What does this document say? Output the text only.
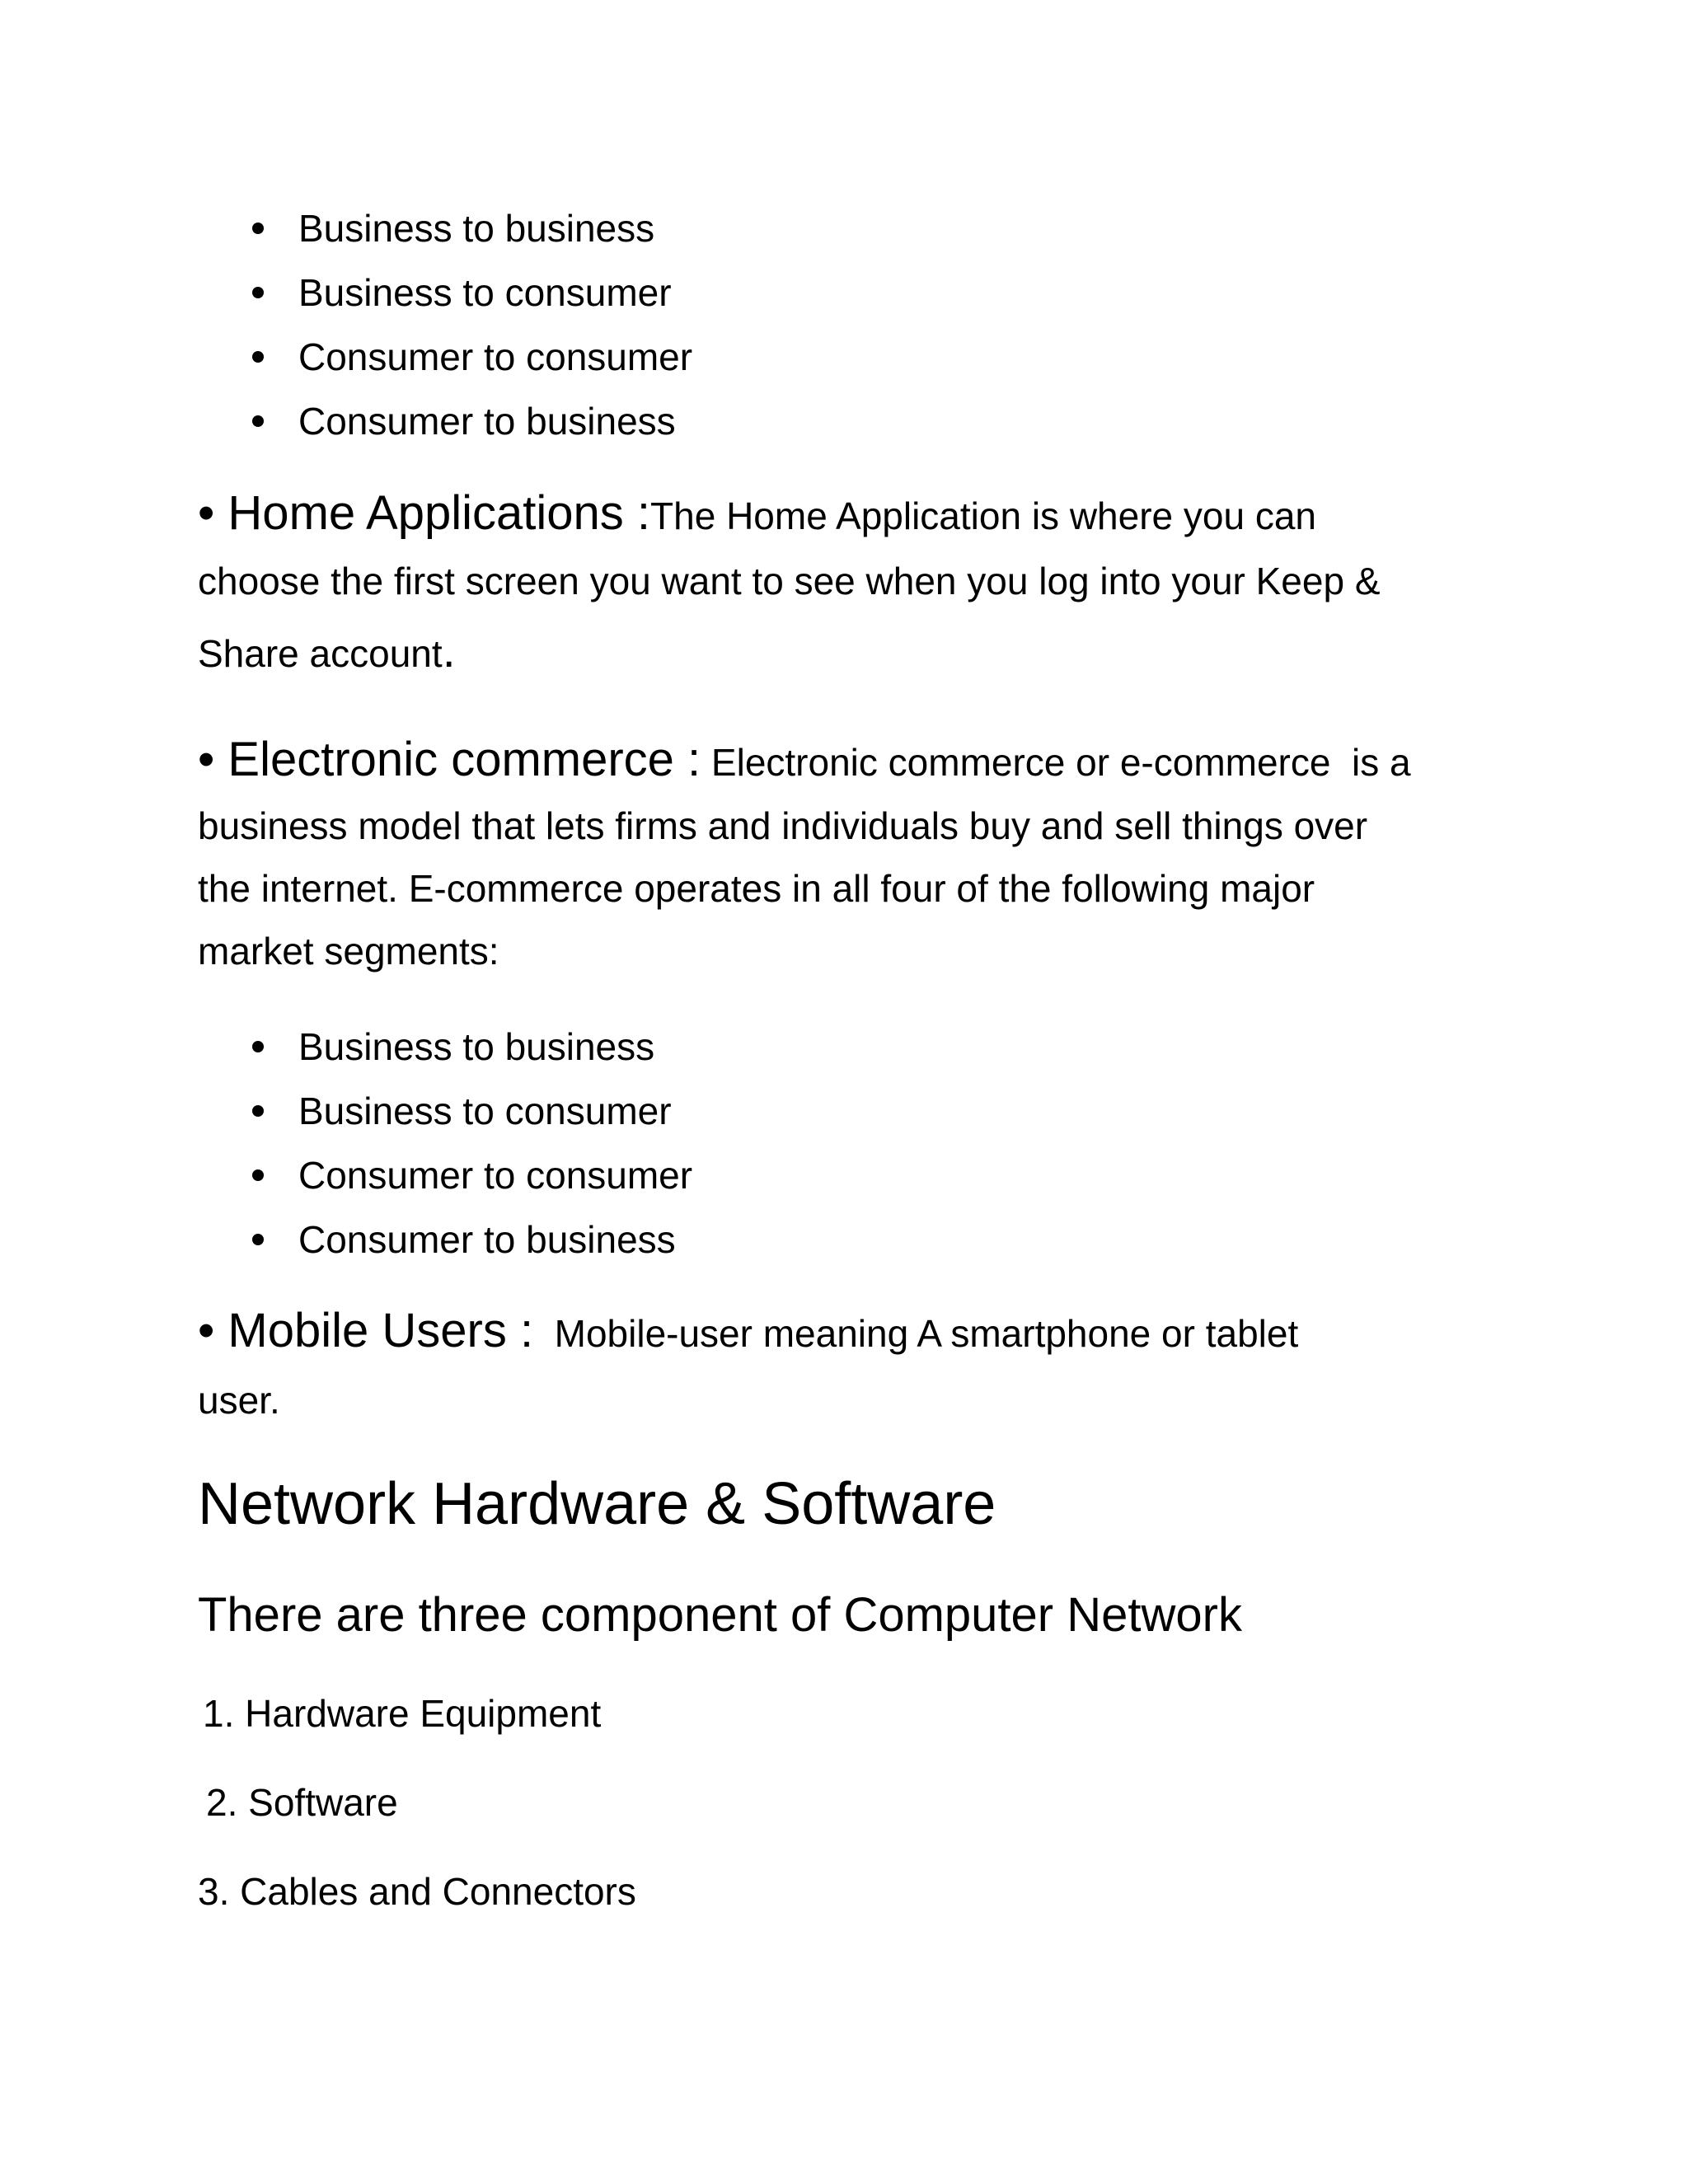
Business to business
Business to consumer
Consumer to consumer
Consumer to business

• Home Applications :The Home Application is where you can
choose the first screen you want to see when you log into your Keep &
Share account.

• Electronic commerce : Electronic commerce or e-commerce  is a
business model that lets firms and individuals buy and sell things over
the internet. E-commerce operates in all four of the following major
market segments:

Business to business
Business to consumer
Consumer to consumer
Consumer to business

• Mobile Users :  Mobile-user meaning A smartphone or tablet
user.

Network Hardware & Software
There are three component of Computer Network

1. Hardware Equipment

2. Software

3. Cables and Connectors
